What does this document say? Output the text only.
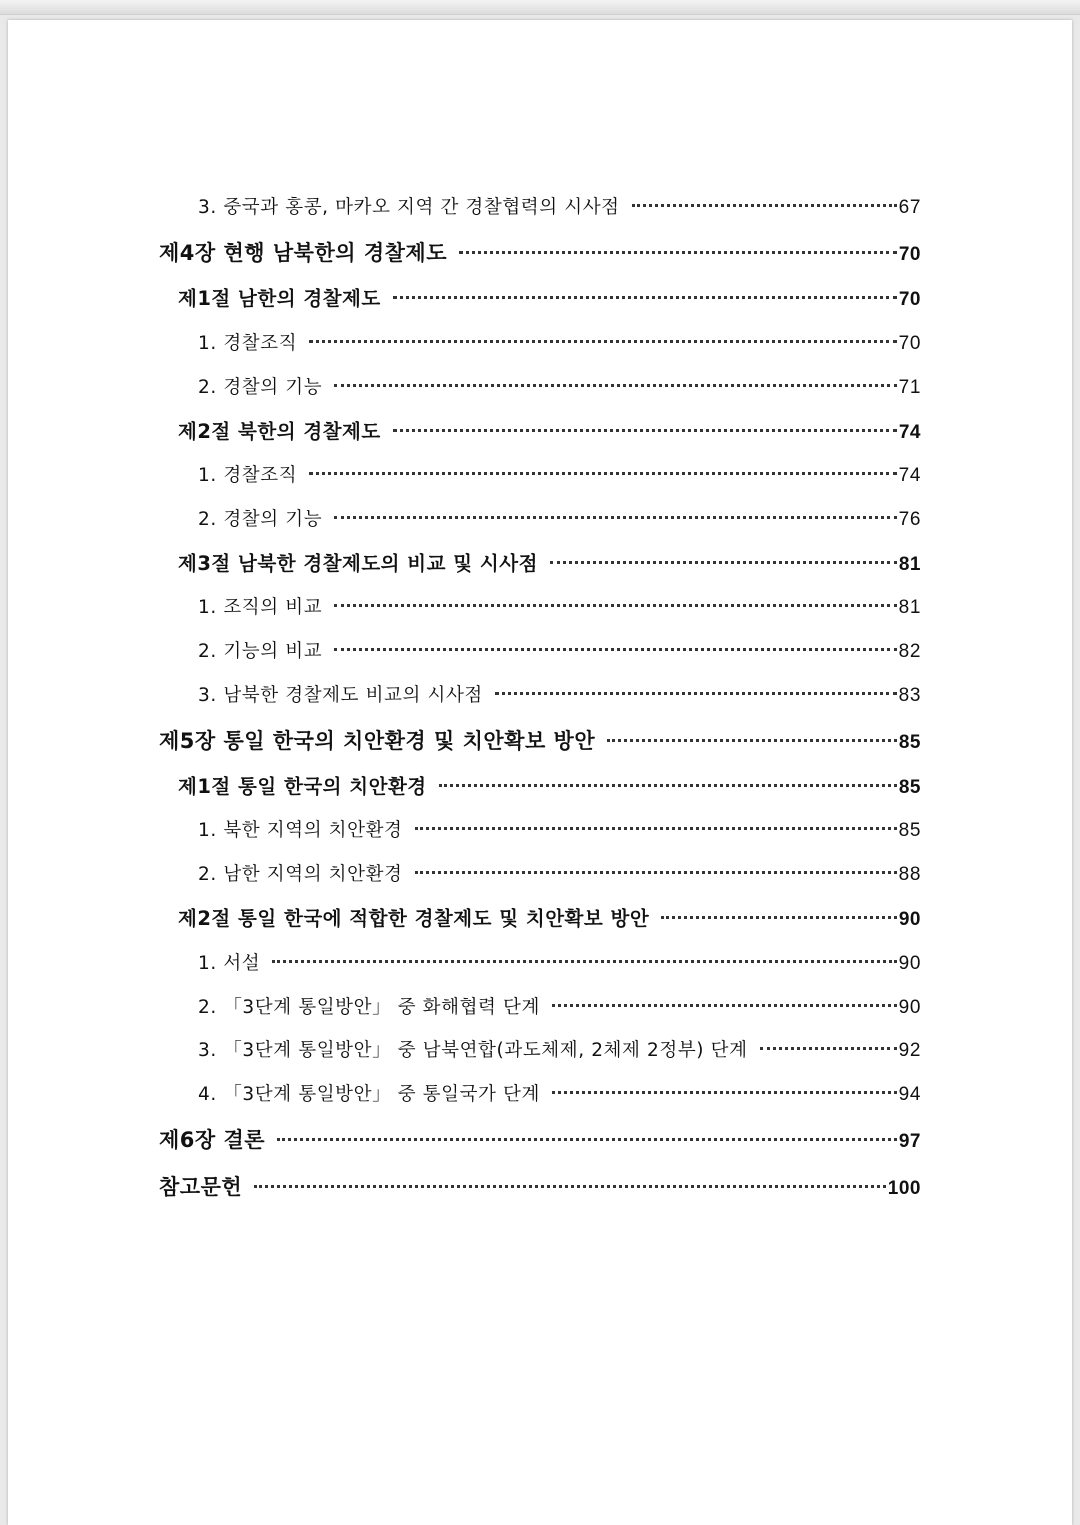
3. 중국과 홍콩, 마카오 지역 간 경찰협력의 시사점	67
제4장 현행 남북한의 경찰제도	70
제1절 남한의 경찰제도	70
1. 경찰조직	70
2. 경찰의 기능	71
제2절 북한의 경찰제도	74
1. 경찰조직	74
2. 경찰의 기능	76
제3절 남북한 경찰제도의 비교 및 시사점	81
1. 조직의 비교	81
2. 기능의 비교	82
3. 남북한 경찰제도 비교의 시사점	83
제5장 통일 한국의 치안환경 및 치안확보 방안	85
제1절 통일 한국의 치안환경	85
1. 북한 지역의 치안환경	85
2. 남한 지역의 치안환경	88
제2절 통일 한국에 적합한 경찰제도 및 치안확보 방안	90
1. 서설	90
2. 「3단계 통일방안」 중 화해협력 단계	90
3. 「3단계 통일방안」 중 남북연합(과도체제, 2체제 2정부) 단계	92
4. 「3단계 통일방안」 중 통일국가 단계	94
제6장 결론	97
참고문헌	100
